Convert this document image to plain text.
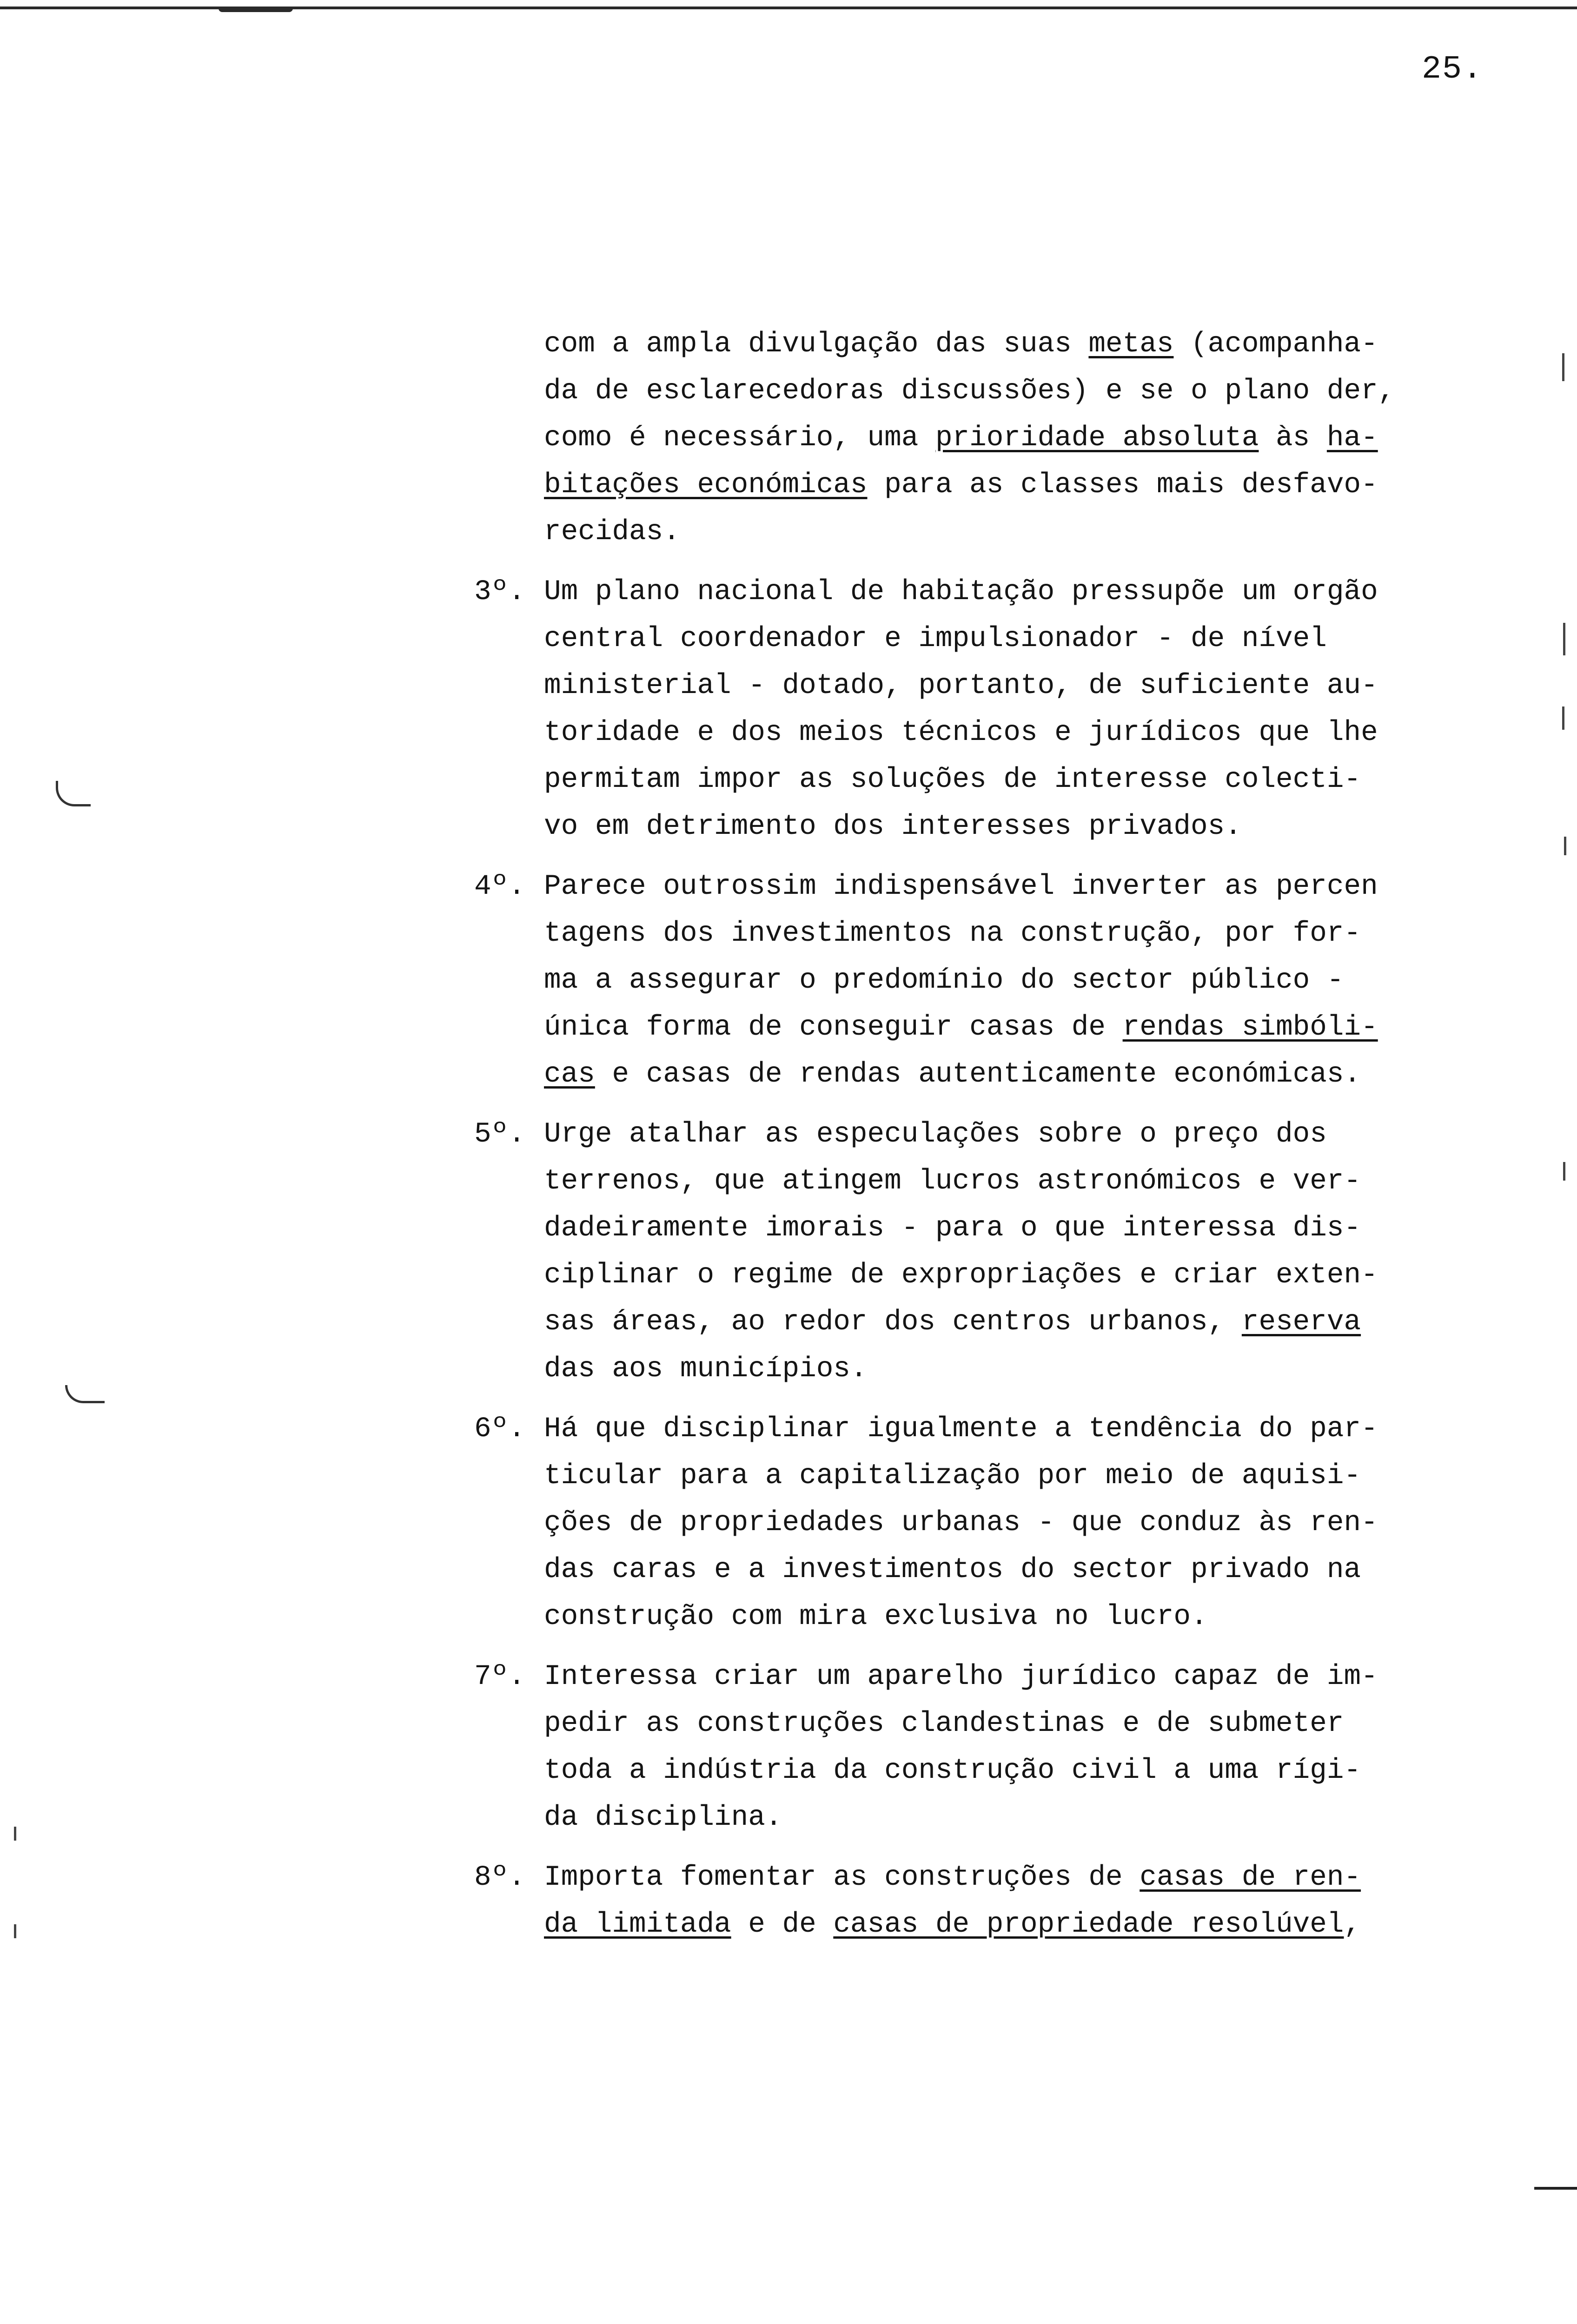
25.
com a ampla divulgação das suas metas (acompanha-
da de esclarecedoras discussões) e se o plano der,
como é necessário, uma prioridade absoluta às ha-
bitações económicas para as classes mais desfavo-
recidas.
3º. Um plano nacional de habitação pressupõe um orgão
central coordenador e impulsionador - de nível
ministerial - dotado, portanto, de suficiente au-
toridade e dos meios técnicos e jurídicos que lhe
permitam impor as soluções de interesse colecti-
vo em detrimento dos interesses privados.
4º. Parece outrossim indispensável inverter as percen
tagens dos investimentos na construção, por for-
ma a assegurar o predomínio do sector público -
única forma de conseguir casas de rendas simbóli-
cas e casas de rendas autenticamente económicas.
5º. Urge atalhar as especulações sobre o preço dos
terrenos, que atingem lucros astronómicos e ver-
dadeiramente imorais - para o que interessa dis-
ciplinar o regime de expropriações e criar exten-
sas áreas, ao redor dos centros urbanos, reserva
das aos municípios.
6º. Há que disciplinar igualmente a tendência do par-
ticular para a capitalização por meio de aquisi-
ções de propriedades urbanas - que conduz às ren-
das caras e a investimentos do sector privado na
construção com mira exclusiva no lucro.
7º. Interessa criar um aparelho jurídico capaz de im-
pedir as construções clandestinas e de submeter
toda a indústria da construção civil a uma rígi-
da disciplina.
8º. Importa fomentar as construções de casas de ren-
da limitada e de casas de propriedade resolúvel,
